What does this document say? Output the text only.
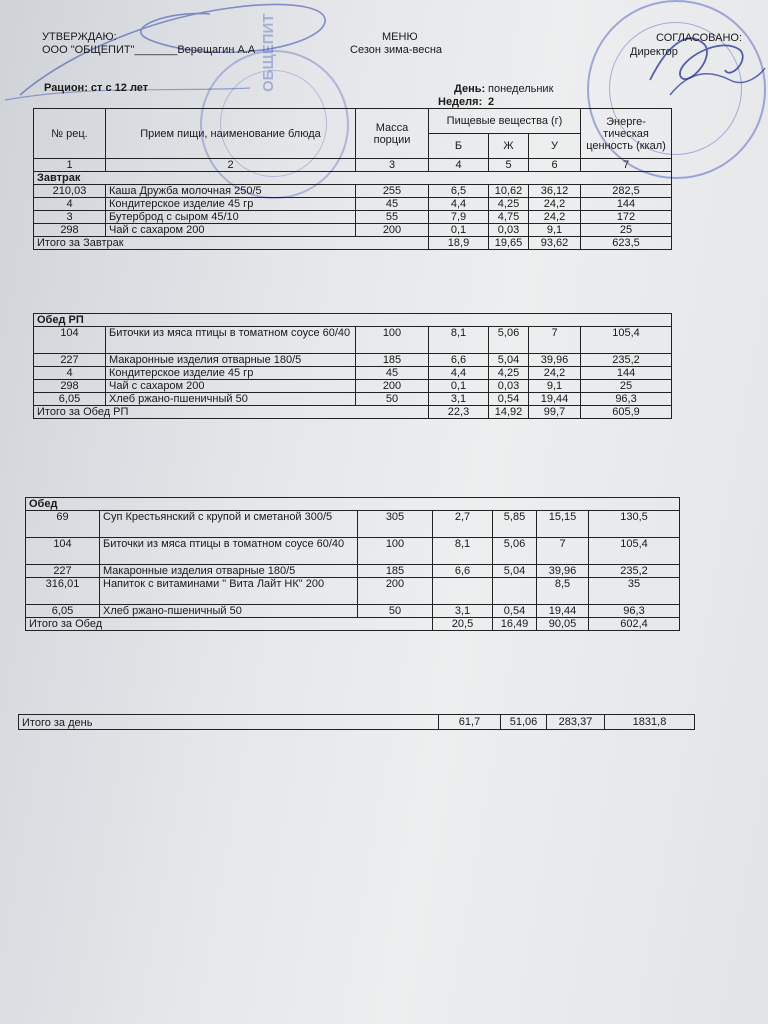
ОБЩЕПИТ
УТВЕРЖДАЮ:
ООО "ОБЩЕПИТ"_______Верещагин А.А
МЕНЮ
Сезон зима-весна
СОГЛАСОВАНО:
Директор
Рацион: ст с 12 лет	День: понедельник
Неделя: 2
№ рец.	Прием пищи, наименование блюда	Масса порции	Пищевые вещества (г)			Энерге-тическая ценность (ккал)
			Б	Ж	У	
1	2	3	4	5	6	7
Завтрак						
210,03	Каша Дружба молочная 250/5	255	6,5	10,62	36,12	282,5
4	Кондитерское изделие 45 гр	45	4,4	4,25	24,2	144
3	Бутерброд с сыром 45/10	55	7,9	4,75	24,2	172
298	Чай с сахаром 200	200	0,1	0,03	9,1	25
Итого за Завтрак			18,9	19,65	93,62	623,5
Обед РП						
104	Биточки из мяса птицы в томатном соусе 60/40	100	8,1	5,06	7	105,4
227	Макаронные изделия отварные 180/5	185	6,6	5,04	39,96	235,2
4	Кондитерское изделие 45 гр	45	4,4	4,25	24,2	144
298	Чай с сахаром 200	200	0,1	0,03	9,1	25
6,05	Хлеб ржано-пшеничный 50	50	3,1	0,54	19,44	96,3
Итого за Обед РП			22,3	14,92	99,7	605,9
Обед						
69	Суп Крестьянский с крупой и сметаной 300/5	305	2,7	5,85	15,15	130,5
104	Биточки из мяса птицы в томатном соусе 60/40	100	8,1	5,06	7	105,4
227	Макаронные изделия отварные 180/5	185	6,6	5,04	39,96	235,2
316,01	Напиток с витаминами " Вита Лайт НК" 200	200			8,5	35
6,05	Хлеб ржано-пшеничный 50	50	3,1	0,54	19,44	96,3
Итого за Обед			20,5	16,49	90,05	602,4
Итого за день	61,7	51,06	283,37	1831,8
